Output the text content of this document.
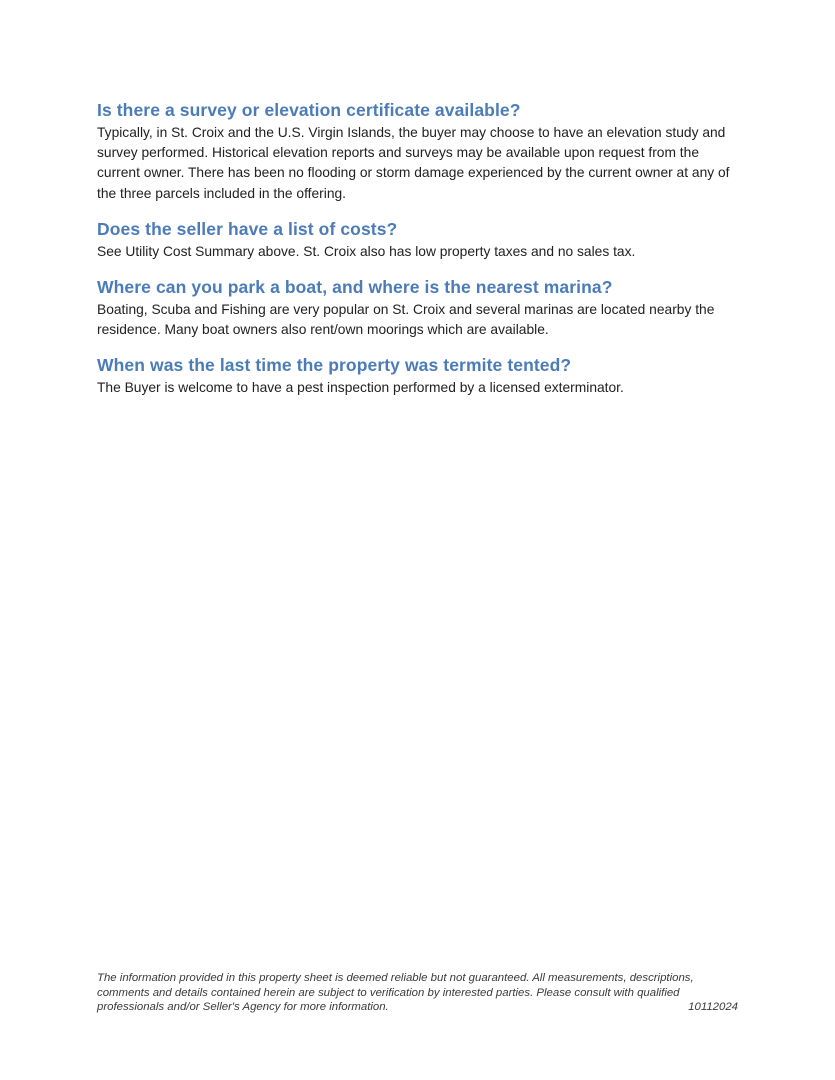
Is there a survey or elevation certificate available?

Typically, in St. Croix and the U.S. Virgin Islands, the buyer may choose to have an elevation study and survey performed. Historical elevation reports and surveys may be available upon request from the current owner. There has been no flooding or storm damage experienced by the current owner at any of the three parcels included in the offering.

Does the seller have a list of costs?

See Utility Cost Summary above. St. Croix also has low property taxes and no sales tax.

Where can you park a boat, and where is the nearest marina?

Boating, Scuba and Fishing are very popular on St. Croix and several marinas are located nearby the residence. Many boat owners also rent/own moorings which are available.

When was the last time the property was termite tented?

The Buyer is welcome to have a pest inspection performed by a licensed exterminator.

The information provided in this property sheet is deemed reliable but not guaranteed. All measurements, descriptions, comments and details contained herein are subject to verification by interested parties. Please consult with qualified professionals and/or Seller's Agency for more information.	10112024
